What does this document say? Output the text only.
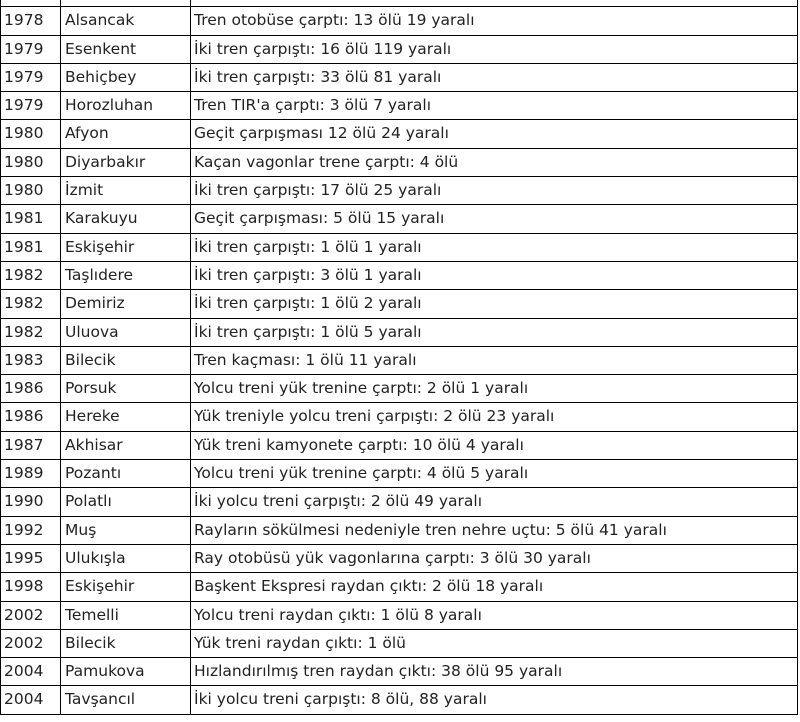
1978	Alsancak	Tren otobüse çarptı: 13 ölü 19 yaralı
1979	Esenkent	İki tren çarpıştı: 16 ölü 119 yaralı
1979	Behiçbey	İki tren çarpıştı: 33 ölü 81 yaralı
1979	Horozluhan	Tren TIR'a çarptı: 3 ölü 7 yaralı
1980	Afyon	Geçit çarpışması 12 ölü 24 yaralı
1980	Diyarbakır	Kaçan vagonlar trene çarptı: 4 ölü
1980	İzmit	İki tren çarpıştı: 17 ölü 25 yaralı
1981	Karakuyu	Geçit çarpışması: 5 ölü 15 yaralı
1981	Eskişehir	İki tren çarpıştı: 1 ölü 1 yaralı
1982	Taşlıdere	İki tren çarpıştı: 3 ölü 1 yaralı
1982	Demiriz	İki tren çarpıştı: 1 ölü 2 yaralı
1982	Uluova	İki tren çarpıştı: 1 ölü 5 yaralı
1983	Bilecik	Tren kaçması: 1 ölü 11 yaralı
1986	Porsuk	Yolcu treni yük trenine çarptı: 2 ölü 1 yaralı
1986	Hereke	Yük treniyle yolcu treni çarpıştı: 2 ölü 23 yaralı
1987	Akhisar	Yük treni kamyonete çarptı: 10 ölü 4 yaralı
1989	Pozantı	Yolcu treni yük trenine çarptı: 4 ölü 5 yaralı
1990	Polatlı	İki yolcu treni çarpıştı: 2 ölü 49 yaralı
1992	Muş	Rayların sökülmesi nedeniyle tren nehre uçtu: 5 ölü 41 yaralı
1995	Ulukışla	Ray otobüsü yük vagonlarına çarptı: 3 ölü 30 yaralı
1998	Eskişehir	Başkent Ekspresi raydan çıktı: 2 ölü 18 yaralı
2002	Temelli	Yolcu treni raydan çıktı: 1 ölü 8 yaralı
2002	Bilecik	Yük treni raydan çıktı: 1 ölü
2004	Pamukova	Hızlandırılmış tren raydan çıktı: 38 ölü 95 yaralı
2004	Tavşancıl	İki yolcu treni çarpıştı: 8 ölü, 88 yaralı
